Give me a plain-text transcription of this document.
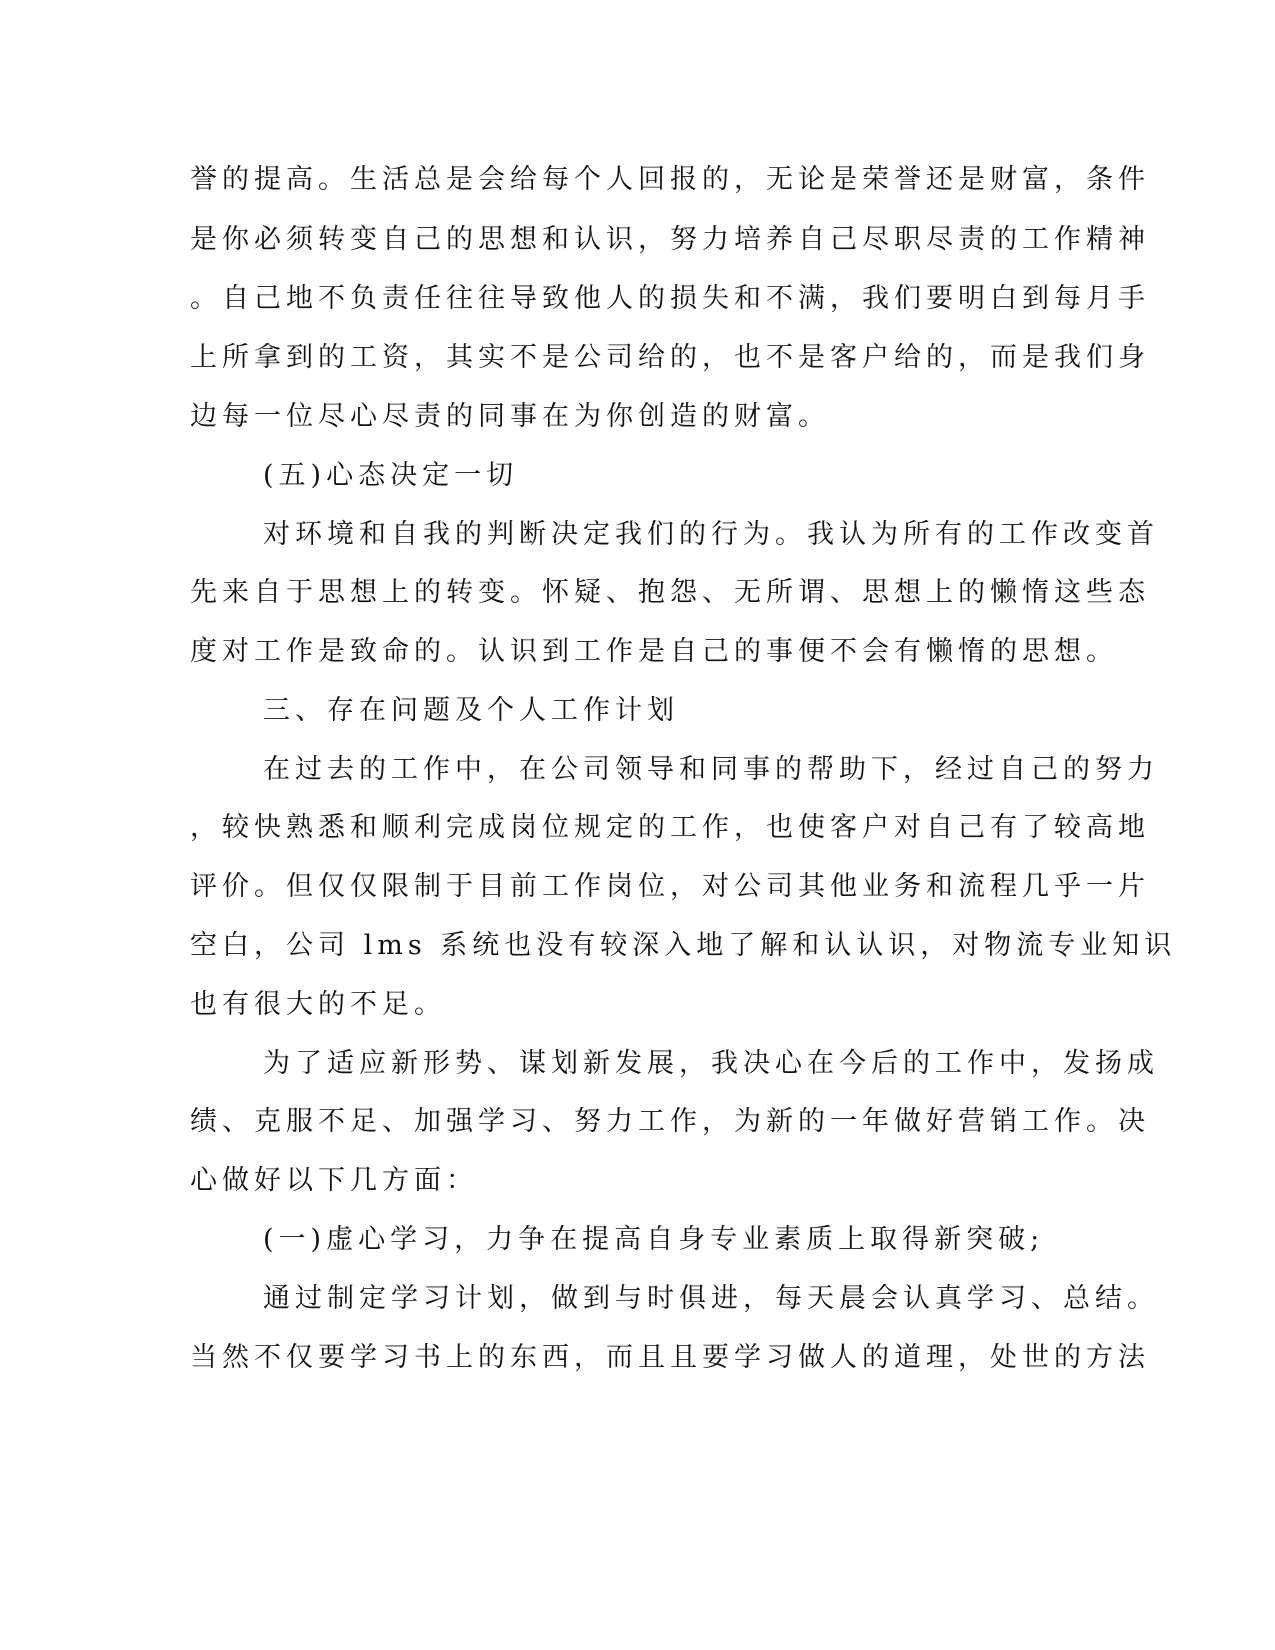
誉的提高。生活总是会给每个人回报的，无论是荣誉还是财富，条件
是你必须转变自己的思想和认识，努力培养自己尽职尽责的工作精神
。自己地不负责任往往导致他人的损失和不满，我们要明白到每月手
上所拿到的工资，其实不是公司给的，也不是客户给的，而是我们身
边每一位尽心尽责的同事在为你创造的财富。
(五)心态决定一切
对环境和自我的判断决定我们的行为。我认为所有的工作改变首
先来自于思想上的转变。怀疑、抱怨、无所谓、思想上的懒惰这些态
度对工作是致命的。认识到工作是自己的事便不会有懒惰的思想。
三、存在问题及个人工作计划
在过去的工作中，在公司领导和同事的帮助下，经过自己的努力
，较快熟悉和顺利完成岗位规定的工作，也使客户对自己有了较高地
评价。但仅仅限制于目前工作岗位，对公司其他业务和流程几乎一片
空白，公司 lms 系统也没有较深入地了解和认认识，对物流专业知识
也有很大的不足。
为了适应新形势、谋划新发展，我决心在今后的工作中，发扬成
绩、克服不足、加强学习、努力工作，为新的一年做好营销工作。决
心做好以下几方面：
(一)虚心学习，力争在提高自身专业素质上取得新突破;
通过制定学习计划，做到与时俱进，每天晨会认真学习、总结。
当然不仅要学习书上的东西，而且且要学习做人的道理，处世的方法
